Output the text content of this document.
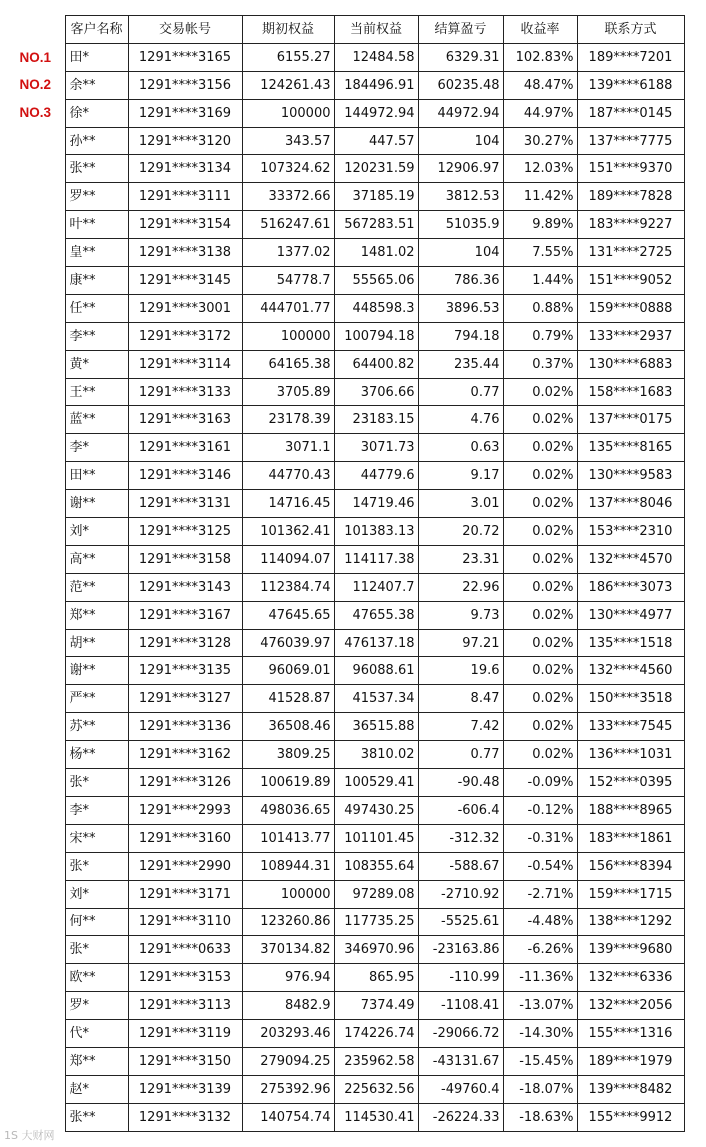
	客户名称	交易帐号	期初权益	当前权益	结算盈亏	收益率	联系方式
NO.1	田*	1291****3165	6155.27	12484.58	6329.31	102.83%	189****7201
NO.2	余**	1291****3156	124261.43	184496.91	60235.48	48.47%	139****6188
NO.3	徐*	1291****3169	100000	144972.94	44972.94	44.97%	187****0145
	孙**	1291****3120	343.57	447.57	104	30.27%	137****7775
	张**	1291****3134	107324.62	120231.59	12906.97	12.03%	151****9370
	罗**	1291****3111	33372.66	37185.19	3812.53	11.42%	189****7828
	叶**	1291****3154	516247.61	567283.51	51035.9	9.89%	183****9227
	皇**	1291****3138	1377.02	1481.02	104	7.55%	131****2725
	康**	1291****3145	54778.7	55565.06	786.36	1.44%	151****9052
	任**	1291****3001	444701.77	448598.3	3896.53	0.88%	159****0888
	李**	1291****3172	100000	100794.18	794.18	0.79%	133****2937
	黄*	1291****3114	64165.38	64400.82	235.44	0.37%	130****6883
	王**	1291****3133	3705.89	3706.66	0.77	0.02%	158****1683
	蓝**	1291****3163	23178.39	23183.15	4.76	0.02%	137****0175
	李*	1291****3161	3071.1	3071.73	0.63	0.02%	135****8165
	田**	1291****3146	44770.43	44779.6	9.17	0.02%	130****9583
	谢**	1291****3131	14716.45	14719.46	3.01	0.02%	137****8046
	刘*	1291****3125	101362.41	101383.13	20.72	0.02%	153****2310
	高**	1291****3158	114094.07	114117.38	23.31	0.02%	132****4570
	范**	1291****3143	112384.74	112407.7	22.96	0.02%	186****3073
	郑**	1291****3167	47645.65	47655.38	9.73	0.02%	130****4977
	胡**	1291****3128	476039.97	476137.18	97.21	0.02%	135****1518
	谢**	1291****3135	96069.01	96088.61	19.6	0.02%	132****4560
	严**	1291****3127	41528.87	41537.34	8.47	0.02%	150****3518
	苏**	1291****3136	36508.46	36515.88	7.42	0.02%	133****7545
	杨**	1291****3162	3809.25	3810.02	0.77	0.02%	136****1031
	张*	1291****3126	100619.89	100529.41	-90.48	-0.09%	152****0395
	李*	1291****2993	498036.65	497430.25	-606.4	-0.12%	188****8965
	宋**	1291****3160	101413.77	101101.45	-312.32	-0.31%	183****1861
	张*	1291****2990	108944.31	108355.64	-588.67	-0.54%	156****8394
	刘*	1291****3171	100000	97289.08	-2710.92	-2.71%	159****1715
	何**	1291****3110	123260.86	117735.25	-5525.61	-4.48%	138****1292
	张*	1291****0633	370134.82	346970.96	-23163.86	-6.26%	139****9680
	欧**	1291****3153	976.94	865.95	-110.99	-11.36%	132****6336
	罗*	1291****3113	8482.9	7374.49	-1108.41	-13.07%	132****2056
	代*	1291****3119	203293.46	174226.74	-29066.72	-14.30%	155****1316
	郑**	1291****3150	279094.25	235962.58	-43131.67	-15.45%	189****1979
	赵*	1291****3139	275392.96	225632.56	-49760.4	-18.07%	139****8482
	张**	1291****3132	140754.74	114530.41	-26224.33	-18.63%	155****9912
1S 大财网
